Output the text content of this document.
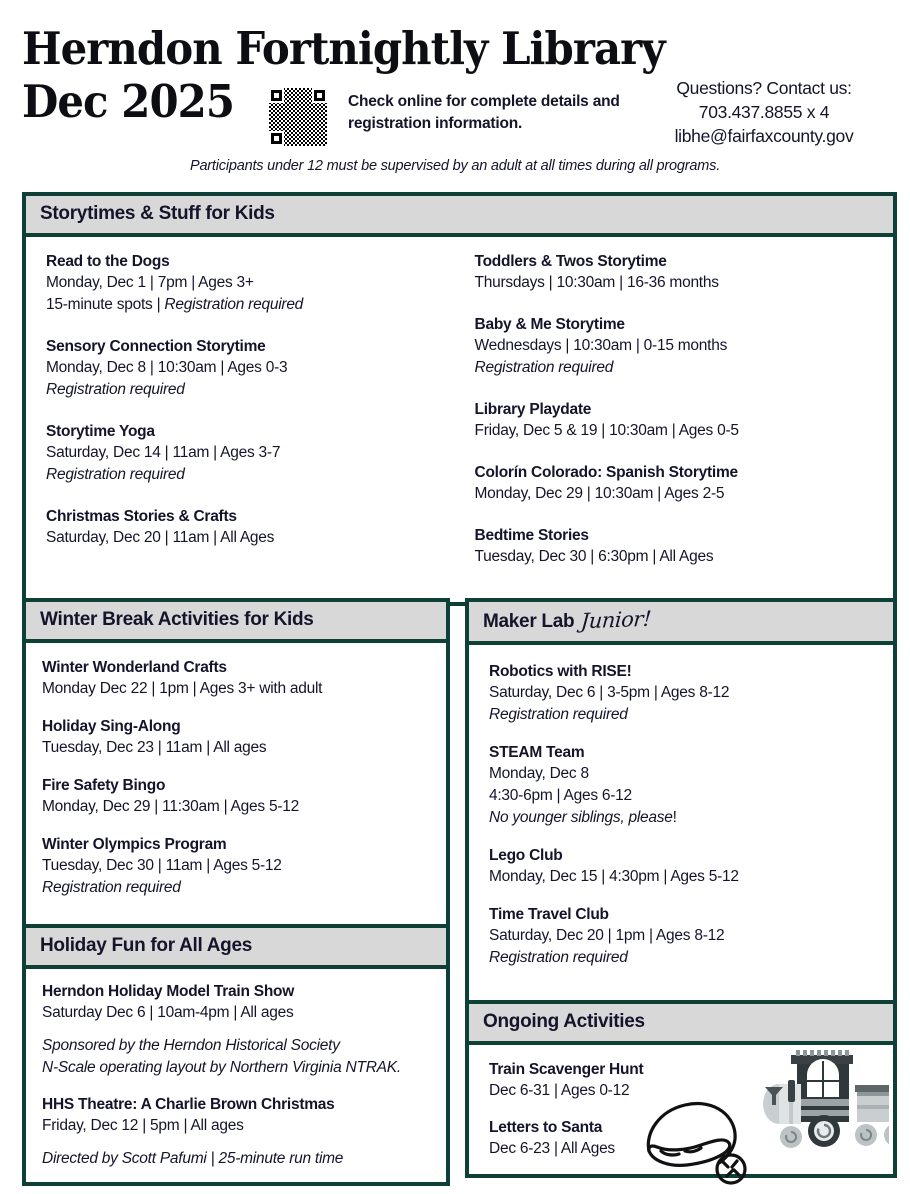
Herndon Fortnightly Library
Dec 2025	Check online for complete details and registration information.
Questions? Contact us:
703.437.8855 x 4
libhe@fairfaxcounty.gov
Participants under 12 must be supervised by an adult at all times during all programs.
Storytimes & Stuff for Kids
Read to the Dogs
Monday, Dec 1 | 7pm | Ages 3+
15-minute spots | Registration required
Sensory Connection Storytime
Monday, Dec 8 | 10:30am | Ages 0-3
Registration required
Storytime Yoga
Saturday, Dec 14 | 11am | Ages 3-7
Registration required
Christmas Stories & Crafts
Saturday, Dec 20 | 11am | All Ages
Toddlers & Twos Storytime
Thursdays | 10:30am | 16-36 months
Baby & Me Storytime
Wednesdays | 10:30am | 0-15 months
Registration required
Library Playdate
Friday, Dec 5 & 19 | 10:30am | Ages 0-5
Colorín Colorado: Spanish Storytime
Monday, Dec 29 | 10:30am | Ages 2-5
Bedtime Stories
Tuesday, Dec 30 | 6:30pm | All Ages
Winter Break Activities for Kids
Winter Wonderland Crafts
Monday Dec 22 | 1pm | Ages 3+ with adult
Holiday Sing-Along
Tuesday, Dec 23 | 11am | All ages
Fire Safety Bingo
Monday, Dec 29 | 11:30am | Ages 5-12
Winter Olympics Program
Tuesday, Dec 30 | 11am | Ages 5-12
Registration required
Holiday Fun for All Ages
Herndon Holiday Model Train Show
Saturday Dec 6 | 10am-4pm | All ages
Sponsored by the Herndon Historical Society
N-Scale operating layout by Northern Virginia NTRAK.
HHS Theatre: A Charlie Brown Christmas
Friday, Dec 12 | 5pm | All ages
Directed by Scott Pafumi | 25-minute run time
Maker Lab Junior!
Robotics with RISE!
Saturday, Dec 6 | 3-5pm | Ages 8-12
Registration required
STEAM Team
Monday, Dec 8
4:30-6pm | Ages 6-12
No younger siblings, please!
Lego Club
Monday, Dec 15 | 4:30pm | Ages 5-12
Time Travel Club
Saturday, Dec 20 | 1pm | Ages 8-12
Registration required
Ongoing Activities
Train Scavenger Hunt
Dec 6-31 | Ages 0-12
Letters to Santa
Dec 6-23 | All Ages
